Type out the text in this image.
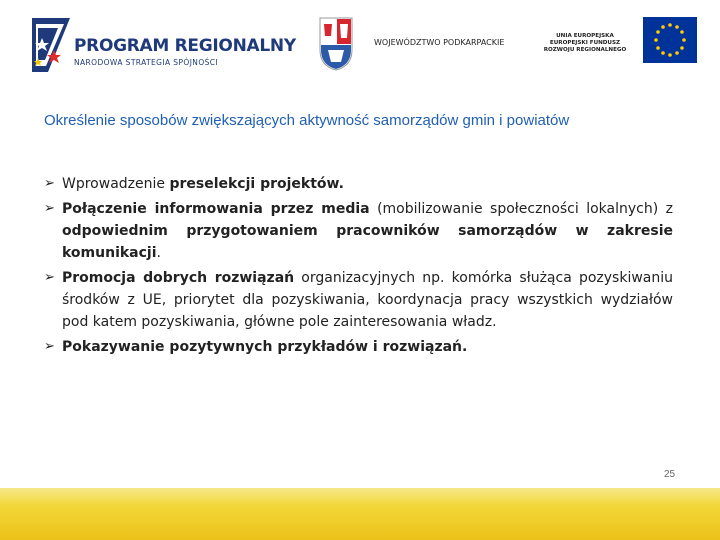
PROGRAM REGIONALNY
NARODOWA STRATEGIA SPÓJNOŚCI
WOJEWÓDZTWO PODKARPACKIE
UNIA EUROPEJSKA
EUROPEJSKI FUNDUSZ
ROZWOJU REGIONALNEGO
Określenie sposobów zwiększających aktywność samorządów gmin i powiatów
➢ Wprowadzenie preselekcji projektów.
➢ Połączenie informowania przez media (mobilizowanie społeczności lokalnych) z odpowiednim przygotowaniem pracowników samorządów w zakresie komunikacji.
➢ Promocja dobrych rozwiązań organizacyjnych np. komórka służąca pozyskiwaniu środków z UE, priorytet dla pozyskiwania, koordynacja pracy wszystkich wydziałów pod katem pozyskiwania, główne pole zainteresowania władz.
➢ Pokazywanie pozytywnych przykładów i rozwiązań.
25
